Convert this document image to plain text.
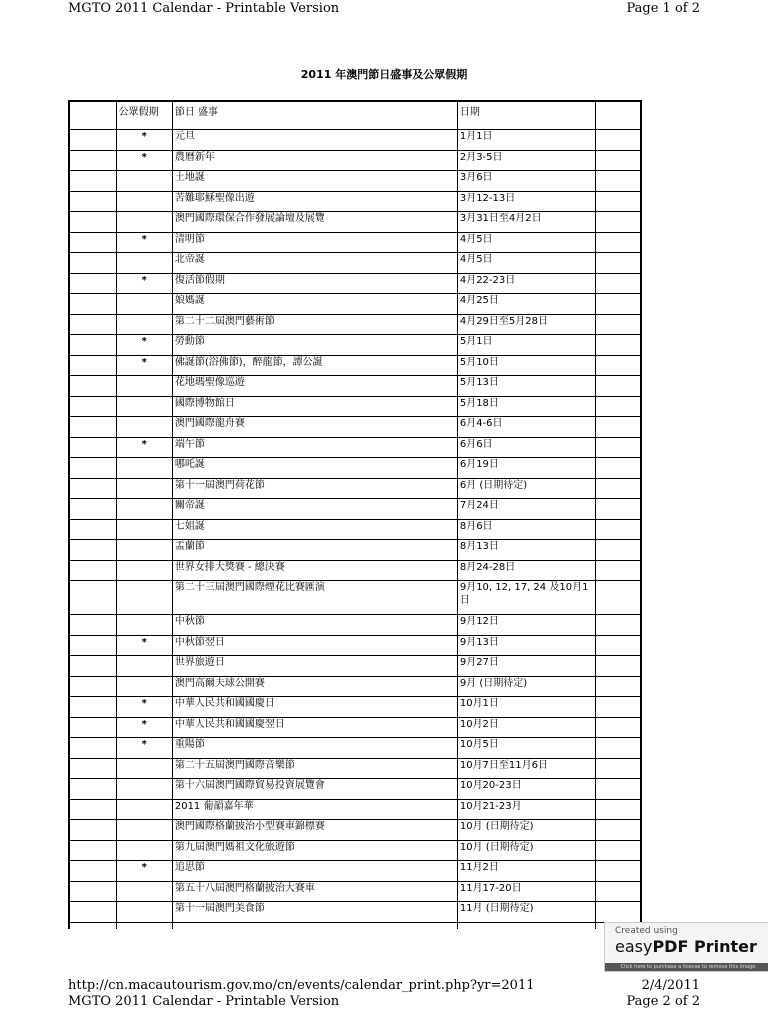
MGTO 2011 Calendar - Printable Version	Page 1 of 2
2011 年澳門節日盛事及公眾假期
	公眾假期	節日 盛事	日期	
	*	元旦	1月1日	
	*	農曆新年	2月3-5日	
		土地誕	3月6日	
		苦難耶穌聖像出遊	3月12-13日	
		澳門國際環保合作發展論壇及展覽	3月31日至4月2日	
	*	清明節	4月5日	
		北帝誕	4月5日	
	*	復活節假期	4月22-23日	
		娘媽誕	4月25日	
		第二十二屆澳門藝術節	4月29日至5月28日	
	*	勞動節	5月1日	
	*	佛誕節(浴佛節)，醉龍節，譚公誕	5月10日	
		花地瑪聖像巡遊	5月13日	
		國際博物館日	5月18日	
		澳門國際龍舟賽	6月4-6日	
	*	端午節	6月6日	
		哪吒誕	6月19日	
		第十一屆澳門荷花節	6月 (日期待定)	
		關帝誕	7月24日	
		七姐誕	8月6日	
		盂蘭節	8月13日	
		世界女排大獎賽 - 總決賽	8月24-28日	
		第二十三屆澳門國際煙花比賽匯演	9月10, 12, 17, 24 及10月1日	
		中秋節	9月12日	
	*	中秋節翌日	9月13日	
		世界旅遊日	9月27日	
		澳門高爾夫球公開賽	9月 (日期待定)	
	*	中華人民共和國國慶日	10月1日	
	*	中華人民共和國國慶翌日	10月2日	
	*	重陽節	10月5日	
		第二十五屆澳門國際音樂節	10月7日至11月6日	
		第十六屆澳門國際貿易投資展覽會	10月20-23日	
		2011 葡韻嘉年華	10月21-23月	
		澳門國際格蘭披治小型賽車錦標賽	10月 (日期待定)	
		第九屆澳門媽祖文化旅遊節	10月 (日期待定)	
	*	追思節	11月2日	
		第五十八屆澳門格蘭披治大賽車	11月17-20日	
		第十一屆澳門美食節	11月 (日期待定)	

Created using
easyPDF Printer
Click here to purchase a license to remove this image
http://cn.macautourism.gov.mo/cn/events/calendar_print.php?yr=2011	2/4/2011
MGTO 2011 Calendar - Printable Version	Page 2 of 2
